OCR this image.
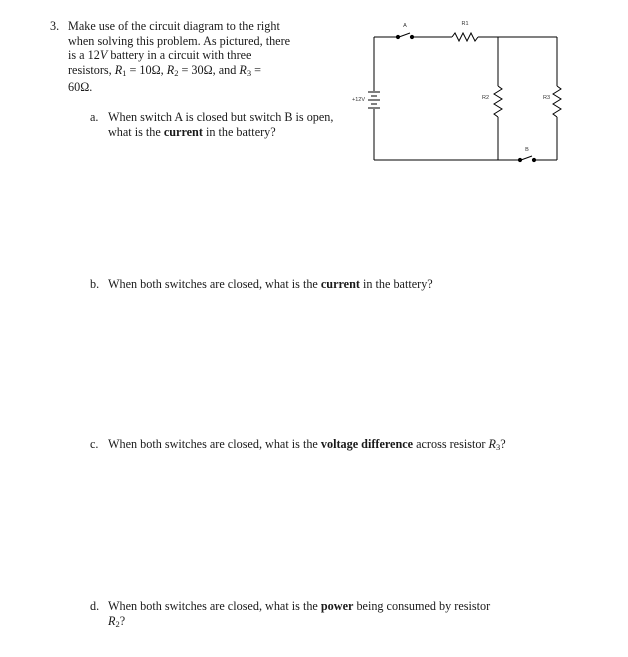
3. Make use of the circuit diagram to the right
when solving this problem. As pictured, there
is a 12V battery in a circuit with three
resistors, $R_1 = 10\Omega$, $R_2 = 30\Omega$, and $R_3$ =
60Ω.
a. When switch A is closed but switch B is open, what is the current in the battery?
b. When both switches are closed, what is the current in the battery?
c. When both switches are closed, what is the voltage difference across resistor $R_3$?
d. When both switches are closed, what is the power being consumed by resistor
$R_2$?
A	R1
R2	R3
+12V
B
